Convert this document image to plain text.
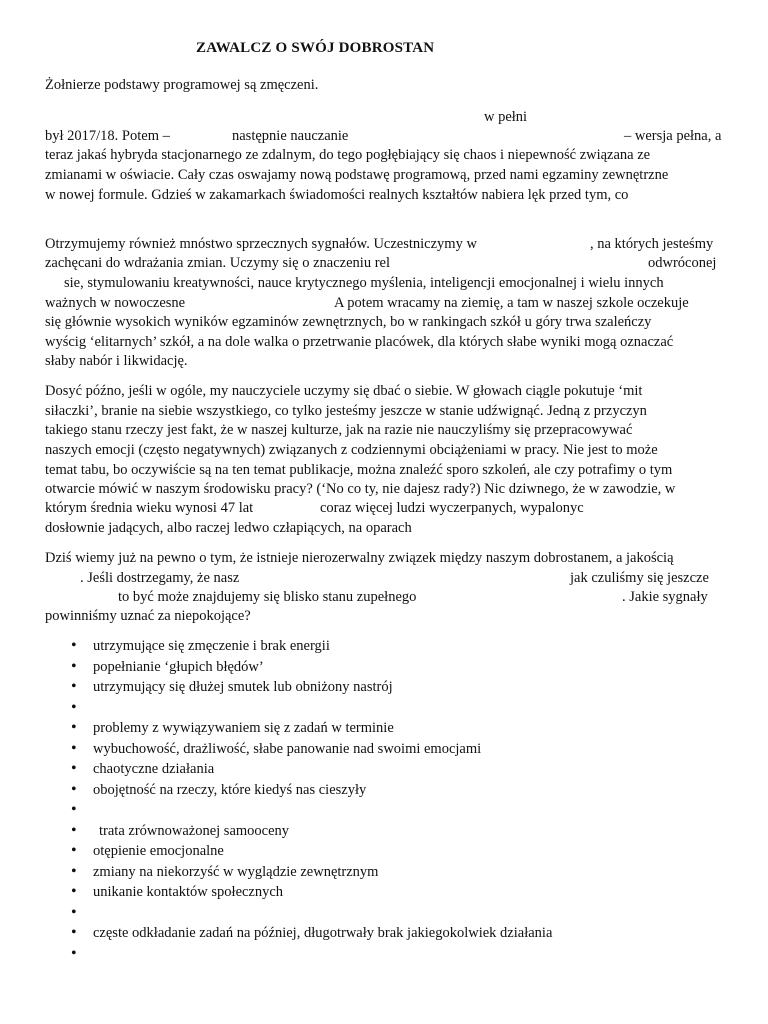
ZAWALCZ O SWÓJ DOBROSTAN
Żołnierze podstawy programowej są zmęczeni.
w pełni
był 2017/18. Potem –	następnie nauczanie	– wersja pełna, a
teraz jakaś hybryda stacjonarnego ze zdalnym, do tego pogłębiający się chaos i niepewność związana ze
zmianami w oświacie. Cały czas oswajamy nową podstawę programową, przed nami egzaminy zewnętrzne
w nowej formule. Gdzieś w zakamarkach świadomości realnych kształtów nabiera lęk przed tym, co
Otrzymujemy również mnóstwo sprzecznych sygnałów. Uczestniczymy w	, na których jesteśmy
zachęcani do wdrażania zmian. Uczymy się o znaczeniu rel	odwróconej
sie, stymulowaniu kreatywności, nauce krytycznego myślenia, inteligencji emocjonalnej i wielu innych
ważnych w nowoczesne	A potem wracamy na ziemię, a tam w naszej szkole oczekuje
się głównie wysokich wyników egzaminów zewnętrznych, bo w rankingach szkół u góry trwa szaleńczy
wyścig ‘elitarnych’ szkół, a na dole walka o przetrwanie placówek, dla których słabe wyniki mogą oznaczać
słaby nabór i likwidację.
Dosyć późno, jeśli w ogóle, my nauczyciele uczymy się dbać o siebie. W głowach ciągle pokutuje ‘mit
siłaczki’, branie na siebie wszystkiego, co tylko jesteśmy jeszcze w stanie udźwignąć. Jedną z przyczyn
takiego stanu rzeczy jest fakt, że w naszej kulturze, jak na razie nie nauczyliśmy się przepracowywać
naszych emocji (często negatywnych) związanych z codziennymi obciążeniami w pracy. Nie jest to może
temat tabu, bo oczywiście są na ten temat publikacje, można znaleźć sporo szkoleń, ale czy potrafimy o tym
otwarcie mówić w naszym środowisku pracy? (‘No co ty, nie dajesz rady?) Nic dziwnego, że w zawodzie, w
którym średnia wieku wynosi 47 lat	coraz więcej ludzi wyczerpanych, wypalonyc
dosłownie jadących, albo raczej ledwo człapiących, na oparach
Dziś wiemy już na pewno o tym, że istnieje nierozerwalny związek między naszym dobrostanem, a jakością
. Jeśli dostrzegamy, że nasz	jak czuliśmy się jeszcze
to być może znajdujemy się blisko stanu zupełnego	. Jakie sygnały
powinniśmy uznać za niepokojące?
• utrzymujące się zmęczenie i brak energii
• popełnianie ‘głupich błędów’
• utrzymujący się dłużej smutek lub obniżony nastrój
•
• problemy z wywiązywaniem się z zadań w terminie
• wybuchowość, drażliwość, słabe panowanie nad swoimi emocjami
• chaotyczne działania
• obojętność na rzeczy, które kiedyś nas cieszyły
•
• trata zrównoważonej samooceny
• otępienie emocjonalne
• zmiany na niekorzyść w wyglądzie zewnętrznym
• unikanie kontaktów społecznych
•
• częste odkładanie zadań na później, długotrwały brak jakiegokolwiek działania
•
